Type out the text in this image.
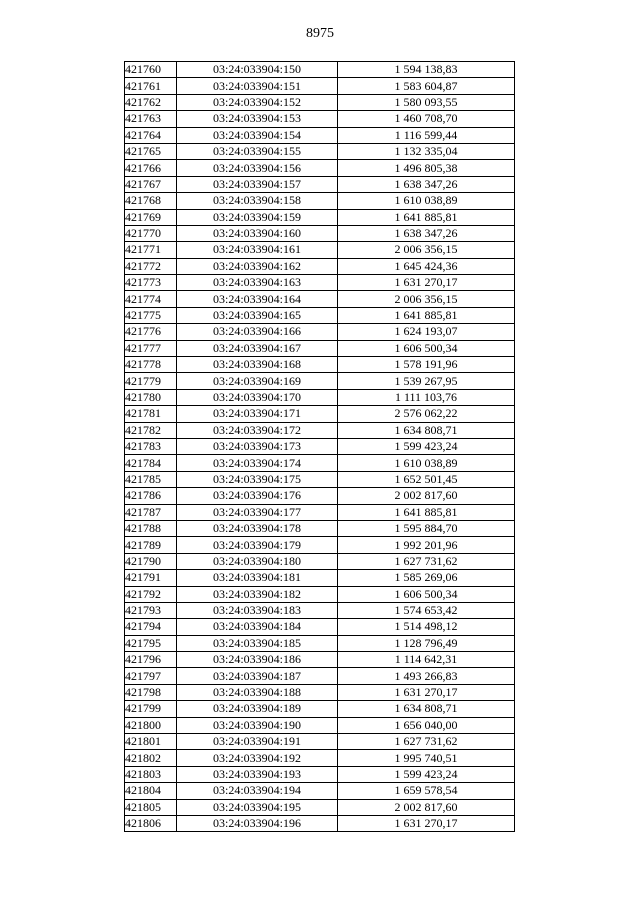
8975
421760	03:24:033904:150	1 594 138,83
421761	03:24:033904:151	1 583 604,87
421762	03:24:033904:152	1 580 093,55
421763	03:24:033904:153	1 460 708,70
421764	03:24:033904:154	1 116 599,44
421765	03:24:033904:155	1 132 335,04
421766	03:24:033904:156	1 496 805,38
421767	03:24:033904:157	1 638 347,26
421768	03:24:033904:158	1 610 038,89
421769	03:24:033904:159	1 641 885,81
421770	03:24:033904:160	1 638 347,26
421771	03:24:033904:161	2 006 356,15
421772	03:24:033904:162	1 645 424,36
421773	03:24:033904:163	1 631 270,17
421774	03:24:033904:164	2 006 356,15
421775	03:24:033904:165	1 641 885,81
421776	03:24:033904:166	1 624 193,07
421777	03:24:033904:167	1 606 500,34
421778	03:24:033904:168	1 578 191,96
421779	03:24:033904:169	1 539 267,95
421780	03:24:033904:170	1 111 103,76
421781	03:24:033904:171	2 576 062,22
421782	03:24:033904:172	1 634 808,71
421783	03:24:033904:173	1 599 423,24
421784	03:24:033904:174	1 610 038,89
421785	03:24:033904:175	1 652 501,45
421786	03:24:033904:176	2 002 817,60
421787	03:24:033904:177	1 641 885,81
421788	03:24:033904:178	1 595 884,70
421789	03:24:033904:179	1 992 201,96
421790	03:24:033904:180	1 627 731,62
421791	03:24:033904:181	1 585 269,06
421792	03:24:033904:182	1 606 500,34
421793	03:24:033904:183	1 574 653,42
421794	03:24:033904:184	1 514 498,12
421795	03:24:033904:185	1 128 796,49
421796	03:24:033904:186	1 114 642,31
421797	03:24:033904:187	1 493 266,83
421798	03:24:033904:188	1 631 270,17
421799	03:24:033904:189	1 634 808,71
421800	03:24:033904:190	1 656 040,00
421801	03:24:033904:191	1 627 731,62
421802	03:24:033904:192	1 995 740,51
421803	03:24:033904:193	1 599 423,24
421804	03:24:033904:194	1 659 578,54
421805	03:24:033904:195	2 002 817,60
421806	03:24:033904:196	1 631 270,17
